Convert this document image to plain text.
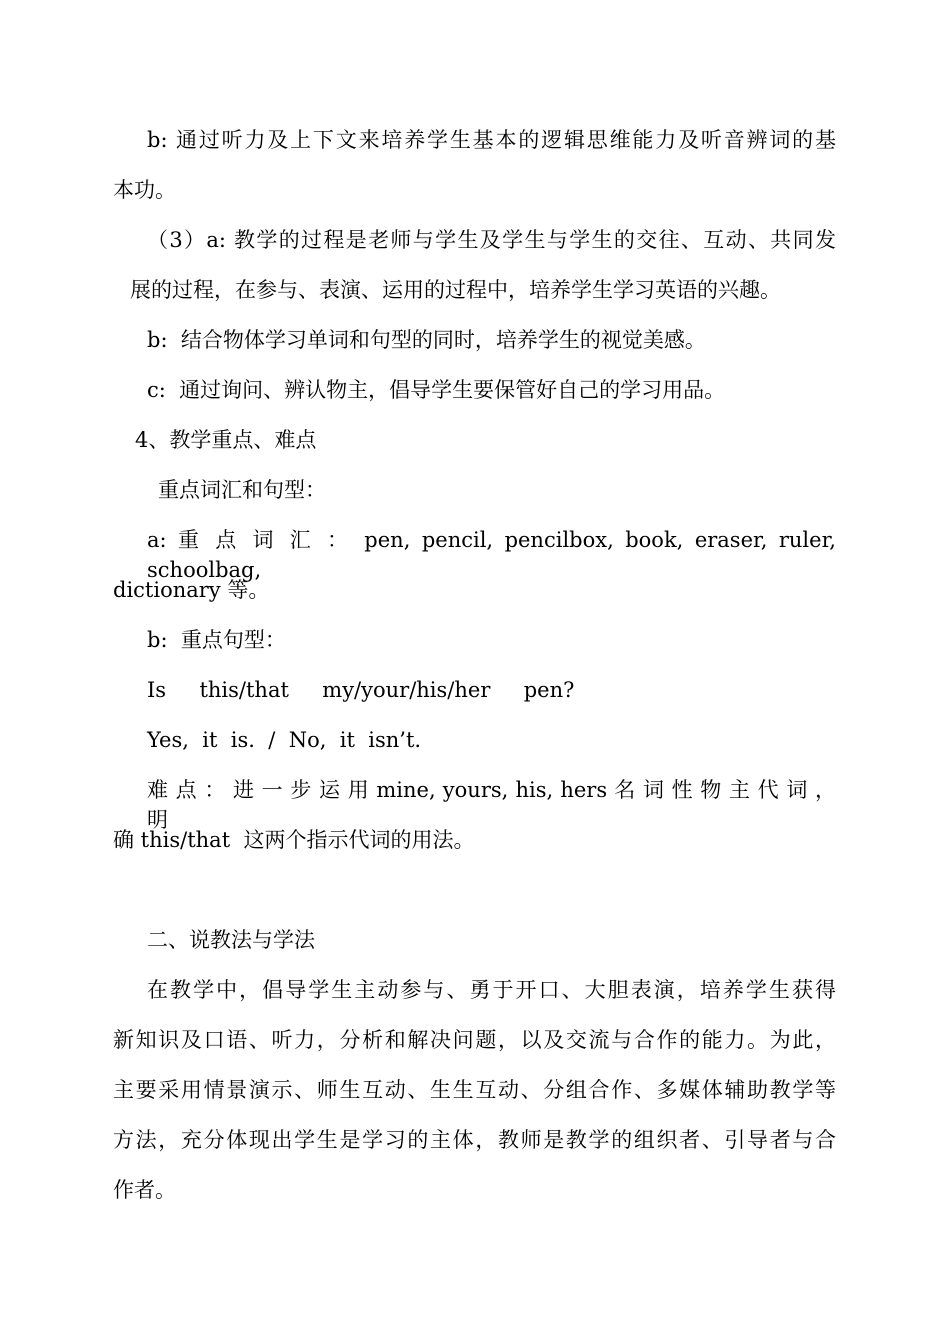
b: 通过听力及上下文来培养学生基本的逻辑思维能力及听音辨词的基
本功。
（3）a: 教学的过程是老师与学生及学生与学生的交往、互动、共同发
展的过程，在参与、表演、运用的过程中，培养学生学习英语的兴趣。
b:  结合物体学习单词和句型的同时，培养学生的视觉美感。
c:  通过询问、辨认物主，倡导学生要保管好自己的学习用品。
4、教学重点、难点
重点词汇和句型：
a: 重 点 词 汇 ： pen, pencil, pencilbox, book, eraser, ruler, schoolbag,
dictionary 等。
b:  重点句型：
Is     this/that     my/your/his/her     pen?
Yes,  it  is.  /  No,  it  isn’t.
难 点 ： 进 一 步 运 用 mine, yours, his, hers 名 词 性 物 主 代 词 ， 明
确 this/that  这两个指示代词的用法。
二、说教法与学法
在教学中，倡导学生主动参与、勇于开口、大胆表演，培养学生获得
新知识及口语、听力，分析和解决问题，以及交流与合作的能力。为此，
主要采用情景演示、师生互动、生生互动、分组合作、多媒体辅助教学等
方法，充分体现出学生是学习的主体，教师是教学的组织者、引导者与合
作者。
